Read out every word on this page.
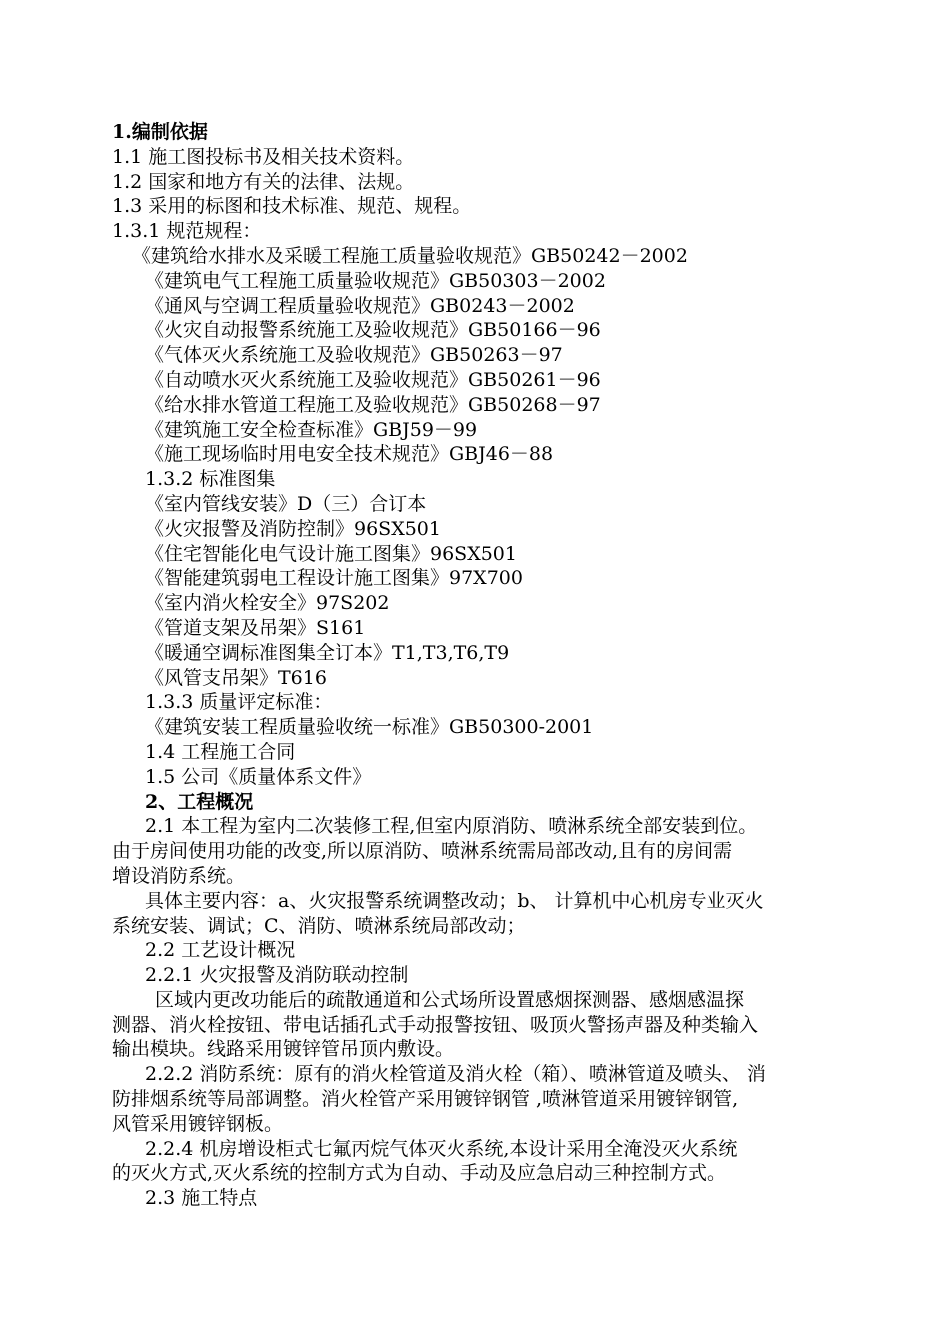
1.编制依据
1.1 施工图投标书及相关技术资料。
1.2 国家和地方有关的法律、法规。
1.3 采用的标图和技术标准、规范、规程。
1.3.1 规范规程：
《建筑给水排水及采暖工程施工质量验收规范》GB50242－2002
《建筑电气工程施工质量验收规范》GB50303－2002
《通风与空调工程质量验收规范》GB0243－2002
《火灾自动报警系统施工及验收规范》GB50166－96
《气体灭火系统施工及验收规范》GB50263－97
《自动喷水灭火系统施工及验收规范》GB50261－96
《给水排水管道工程施工及验收规范》GB50268－97
《建筑施工安全检查标准》GBJ59－99
《施工现场临时用电安全技术规范》GBJ46－88
1.3.2 标准图集
《室内管线安装》D（三）合订本
《火灾报警及消防控制》96SX501
《住宅智能化电气设计施工图集》96SX501
《智能建筑弱电工程设计施工图集》97X700
《室内消火栓安全》97S202
《管道支架及吊架》S161
《暖通空调标准图集全订本》T1,T3,T6,T9
《风管支吊架》T616
1.3.3 质量评定标准：
《建筑安装工程质量验收统一标准》GB50300-2001
1.4 工程施工合同
1.5 公司《质量体系文件》
2、工程概况
2.1 本工程为室内二次装修工程,但室内原消防、喷淋系统全部安装到位。
由于房间使用功能的改变,所以原消防、喷淋系统需局部改动,且有的房间需
增设消防系统。
具体主要内容：a、火灾报警系统调整改动；b、 计算机中心机房专业灭火
系统安装、调试；C、消防、喷淋系统局部改动；
2.2 工艺设计概况
2.2.1 火灾报警及消防联动控制
区域内更改功能后的疏散通道和公式场所设置感烟探测器、感烟感温探
测器、消火栓按钮、带电话插孔式手动报警按钮、吸顶火警扬声器及种类输入
输出模块。线路采用镀锌管吊顶内敷设。
2.2.2 消防系统：原有的消火栓管道及消火栓（箱）、喷淋管道及喷头、 消
防排烟系统等局部调整。消火栓管产采用镀锌钢管 ,喷淋管道采用镀锌钢管,
风管采用镀锌钢板。
2.2.4 机房增设柜式七氟丙烷气体灭火系统,本设计采用全淹没灭火系统
的灭火方式,灭火系统的控制方式为自动、手动及应急启动三种控制方式。
2.3 施工特点
